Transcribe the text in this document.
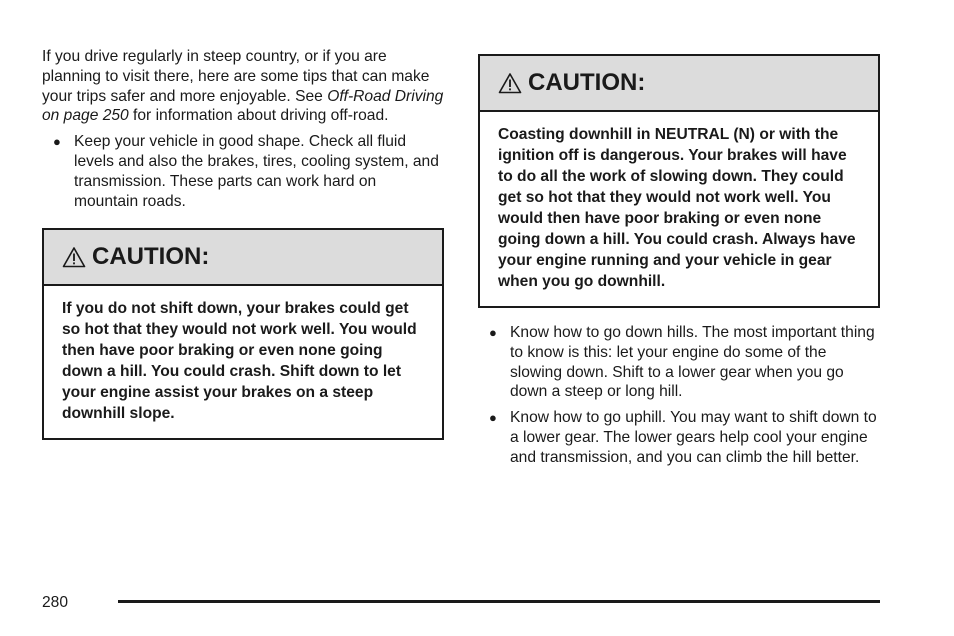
If you drive regularly in steep country, or if you are planning to visit there, here are some tips that can make your trips safer and more enjoyable. See Off-Road Driving on page 250 for information about driving off-road.

● Keep your vehicle in good shape. Check all fluid levels and also the brakes, tires, cooling system, and transmission. These parts can work hard on mountain roads.
CAUTION:
If you do not shift down, your brakes could get so hot that they would not work well. You would then have poor braking or even none going down a hill. You could crash. Shift down to let your engine assist your brakes on a steep downhill slope.
CAUTION:
Coasting downhill in NEUTRAL (N) or with the ignition off is dangerous. Your brakes will have to do all the work of slowing down. They could get so hot that they would not work well. You would then have poor braking or even none going down a hill. You could crash. Always have your engine running and your vehicle in gear when you go downhill.
● Know how to go down hills. The most important thing to know is this: let your engine do some of the slowing down. Shift to a lower gear when you go down a steep or long hill.
● Know how to go uphill. You may want to shift down to a lower gear. The lower gears help cool your engine and transmission, and you can climb the hill better.
280
